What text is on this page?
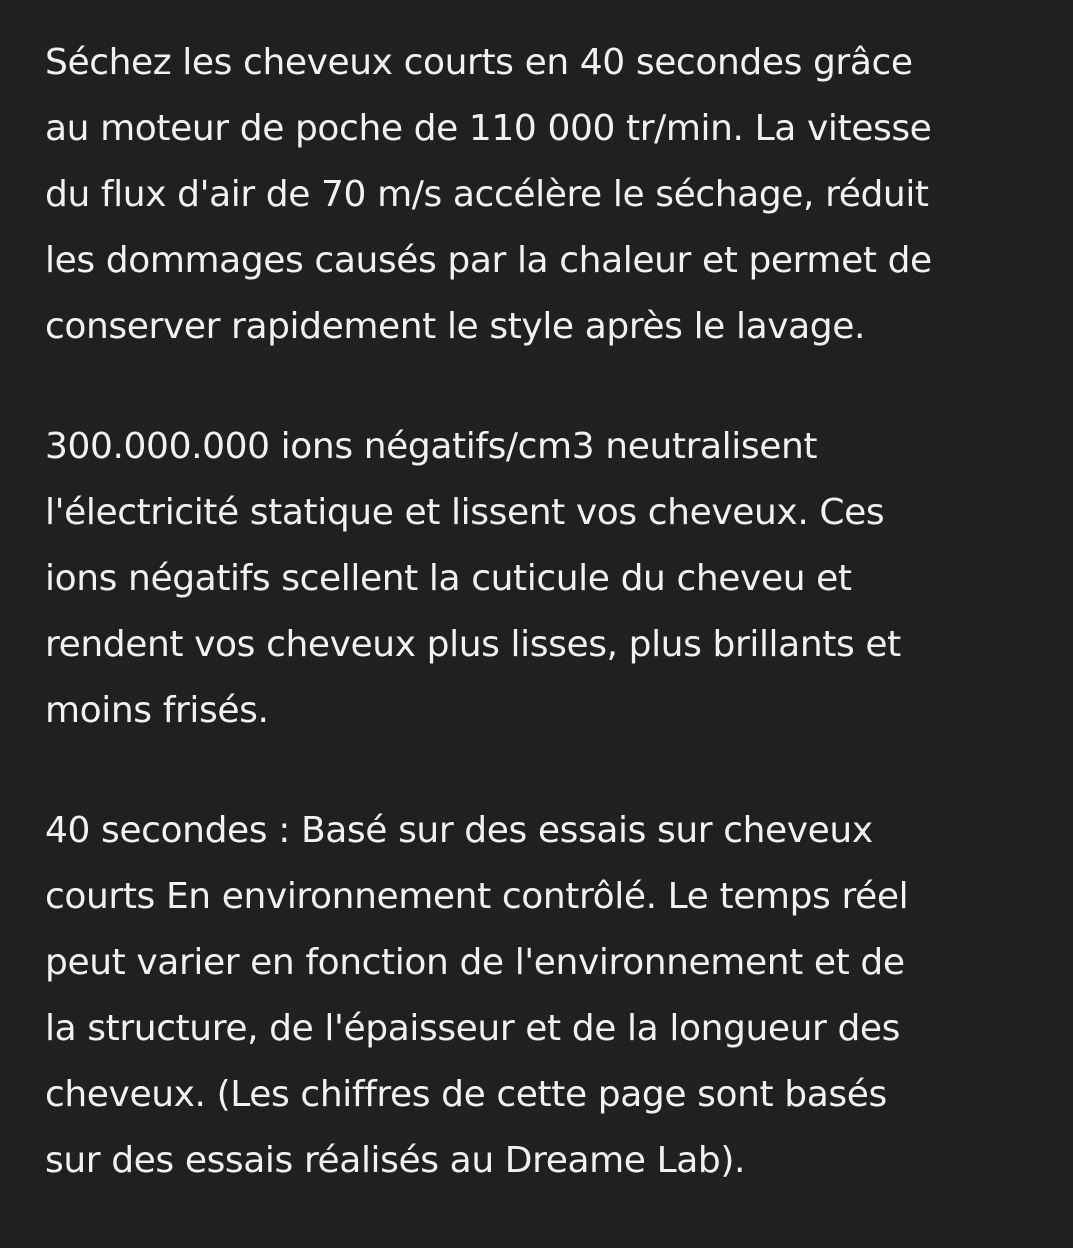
Séchez les cheveux courts en 40 secondes grâce
au moteur de poche de 110 000 tr/min. La vitesse
du flux d'air de 70 m/s accélère le séchage, réduit
les dommages causés par la chaleur et permet de
conserver rapidement le style après le lavage.

300.000.000 ions négatifs/cm3 neutralisent
l'électricité statique et lissent vos cheveux. Ces
ions négatifs scellent la cuticule du cheveu et
rendent vos cheveux plus lisses, plus brillants et
moins frisés.

40 secondes : Basé sur des essais sur cheveux
courts En environnement contrôlé. Le temps réel
peut varier en fonction de l'environnement et de
la structure, de l'épaisseur et de la longueur des
cheveux. (Les chiffres de cette page sont basés
sur des essais réalisés au Dreame Lab).
